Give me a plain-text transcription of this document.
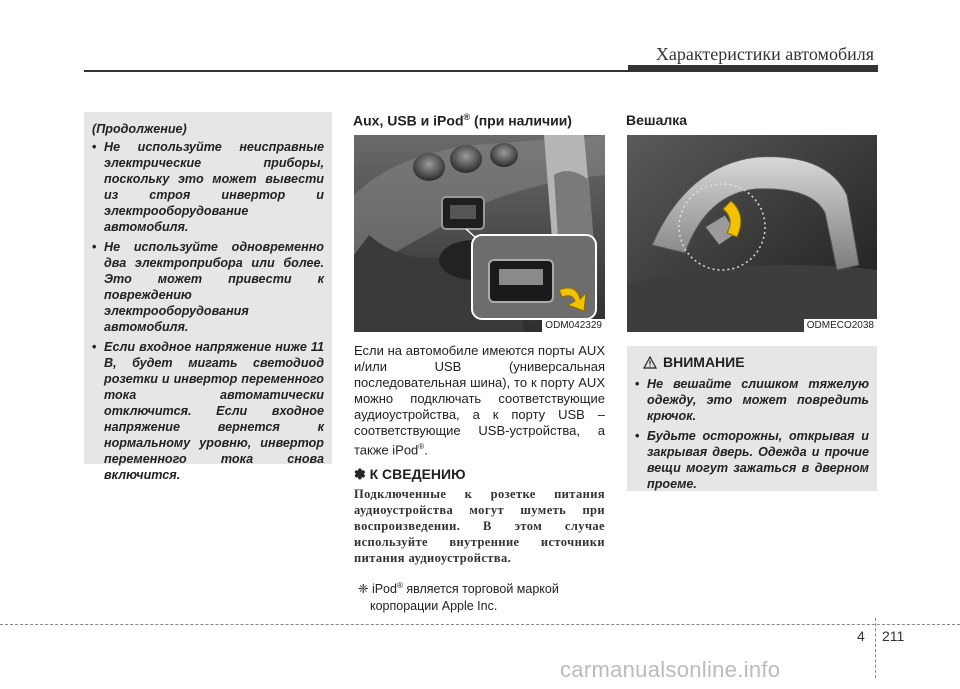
Характеристики автомобиля
(Продолжение)
• Не используйте неисправные электрические приборы, поскольку это может вывести из строя инвертор и электрооборудование автомобиля.
• Не используйте одновременно два электроприбора или более. Это может привести к повреждению электрооборудования автомобиля.
• Если входное напряжение ниже 11 В, будет мигать светодиод розетки и инвертор переменного тока автоматически отключится. Если входное напряжение вернется к нормальному уровню, инвертор переменного тока снова включится.
Aux, USB и iPod® (при наличии)
ODM042329
Если на автомобиле имеются порты AUX и/или USB (универсальная последовательная шина), то к порту AUX можно подключать соответствующие аудиоустройства, а к порту USB – соответствующие USB-устройства, а также iPod®.
✽ К СВЕДЕНИЮ
Подключенные к розетке питания аудиоустройства могут шуметь при воспроизведении. В этом случае используйте внутренние источники питания аудиоустройства.
❈ iPod® является торговой маркой
корпорации Apple Inc.
Вешалка
ODMECO2038
ВНИМАНИЕ
• Не вешайте слишком тяжелую одежду, это может повредить крючок.
• Будьте осторожны, открывая и закрывая дверь. Одежда и прочие вещи могут зажаться в дверном проеме.
4 211
carmanualsonline.info
